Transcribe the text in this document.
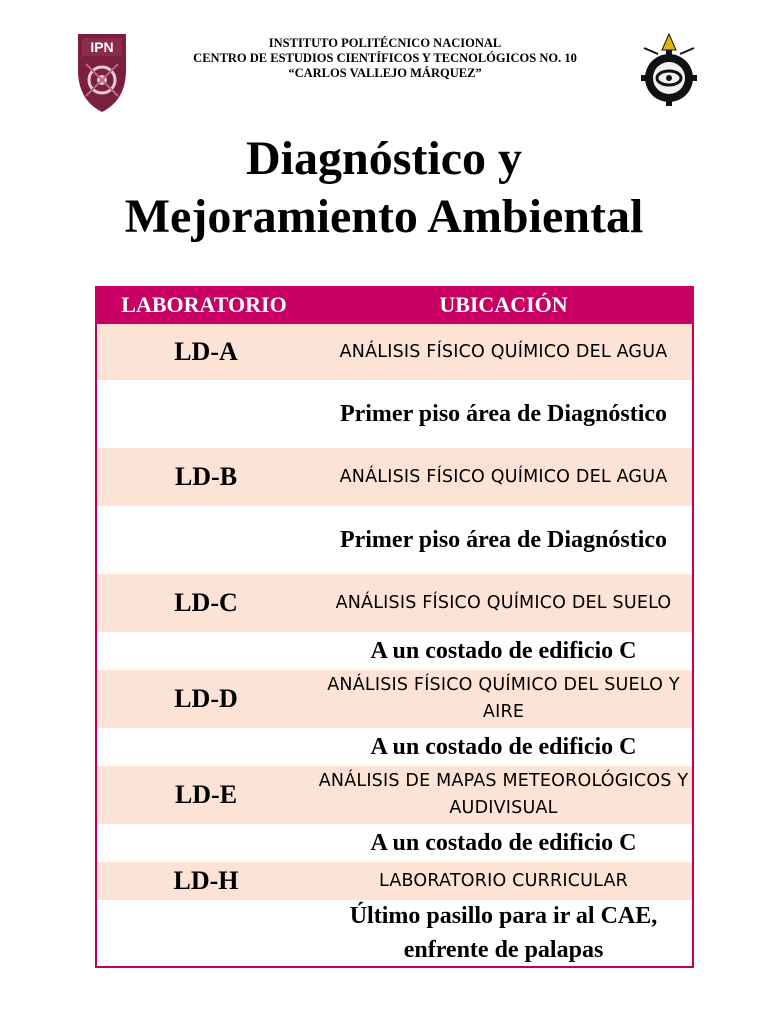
IPN	INSTITUTO POLITÉCNICO NACIONAL
CENTRO DE ESTUDIOS CIENTÍFICOS Y TECNOLÓGICOS NO. 10
“CARLOS VALLEJO MÁRQUEZ”
Diagnóstico y
Mejoramiento Ambiental
LABORATORIO	UBICACIÓN
LD-A	ANÁLISIS FÍSICO QUÍMICO DEL AGUA
Primer piso área de Diagnóstico
LD-B	ANÁLISIS FÍSICO QUÍMICO DEL AGUA
Primer piso área de Diagnóstico
LD-C	ANÁLISIS FÍSICO QUÍMICO DEL SUELO
A un costado de edificio C
LD-D	ANÁLISIS FÍSICO QUÍMICO DEL SUELO Y AIRE
A un costado de edificio C
LD-E	ANÁLISIS DE MAPAS METEOROLÓGICOS Y AUDIVISUAL
A un costado de edificio C
LD-H	LABORATORIO CURRICULAR
Último pasillo para ir al CAE, enfrente de palapas
